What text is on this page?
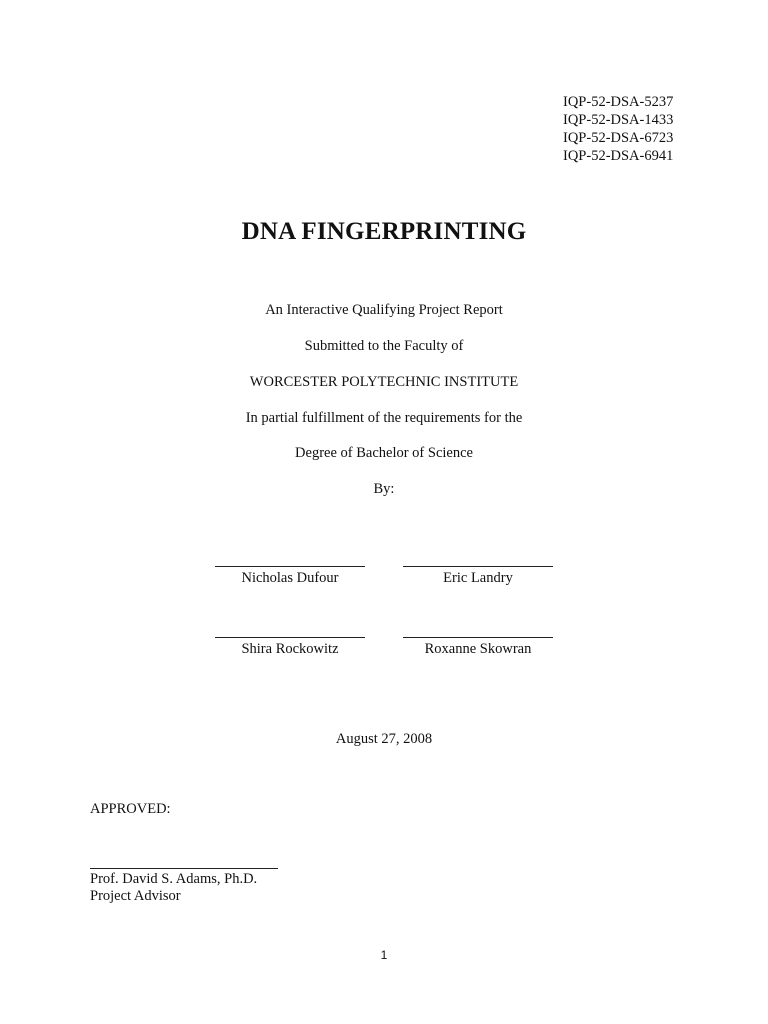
IQP-52-DSA-5237
IQP-52-DSA-1433
IQP-52-DSA-6723
IQP-52-DSA-6941
DNA FINGERPRINTING
An Interactive Qualifying Project Report
Submitted to the Faculty of
WORCESTER POLYTECHNIC INSTITUTE
In partial fulfillment of the requirements for the
Degree of Bachelor of Science
By:
Nicholas Dufour	Eric Landry
Shira Rockowitz	Roxanne Skowran
August 27, 2008
APPROVED:
Prof. David S. Adams, Ph.D.
Project Advisor
1
